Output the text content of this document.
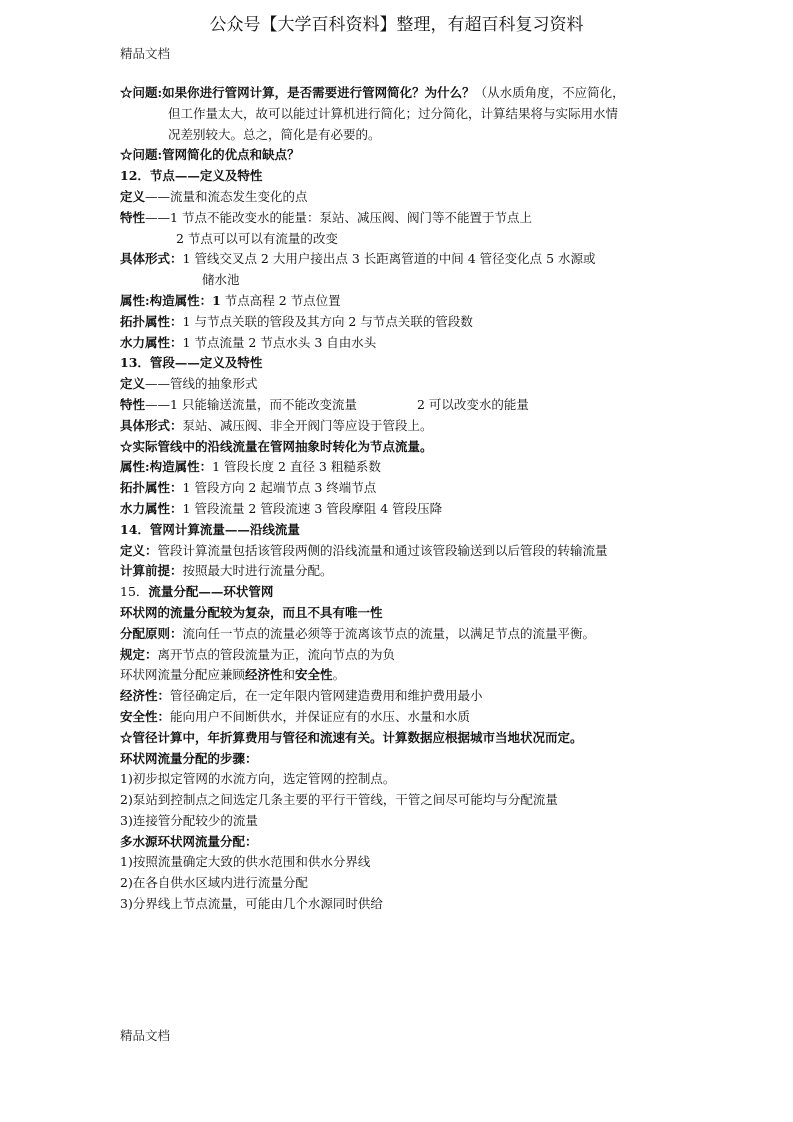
公众号【大学百科资料】整理，有超百科复习资料
精品文档
☆问题:如果你进行管网计算，是否需要进行管网简化？为什么？（从水质角度，不应简化，
但工作量太大，故可以能过计算机进行简化；过分简化，计算结果将与实际用水情
况差别较大。总之，简化是有必要的。
☆问题:管网简化的优点和缺点？
12．节点——定义及特性
定义——流量和流态发生变化的点
特性——1 节点不能改变水的能量：泵站、减压阀、阀门等不能置于节点上
2 节点可以可以有流量的改变
具体形式：1 管线交叉点 2 大用户接出点 3 长距离管道的中间 4 管径变化点 5 水源或
储水池
属性:构造属性：1 节点高程 2 节点位置
拓扑属性：1 与节点关联的管段及其方向 2 与节点关联的管段数
水力属性：1 节点流量 2 节点水头 3 自由水头
13．管段——定义及特性
定义——管线的抽象形式
特性——1 只能输送流量，而不能改变流量	2 可以改变水的能量
具体形式：泵站、减压阀、非全开阀门等应设于管段上。
☆实际管线中的沿线流量在管网抽象时转化为节点流量。
属性:构造属性：1 管段长度 2 直径 3 粗糙系数
拓扑属性：1 管段方向 2 起端节点 3 终端节点
水力属性：1 管段流量 2 管段流速 3 管段摩阻 4 管段压降
14．管网计算流量——沿线流量
定义：管段计算流量包括该管段两侧的沿线流量和通过该管段输送到以后管段的转输流量
计算前提：按照最大时进行流量分配。
15．流量分配——环状管网
环状网的流量分配较为复杂，而且不具有唯一性
分配原则：流向任一节点的流量必须等于流离该节点的流量，以满足节点的流量平衡。
规定：离开节点的管段流量为正，流向节点的为负
环状网流量分配应兼顾经济性和安全性。
经济性：管径确定后，在一定年限内管网建造费用和维护费用最小
安全性：能向用户不间断供水，并保证应有的水压、水量和水质
☆管径计算中，年折算费用与管径和流速有关。计算数据应根据城市当地状况而定。
环状网流量分配的步骤：
1)初步拟定管网的水流方向，选定管网的控制点。
2)泵站到控制点之间选定几条主要的平行干管线，干管之间尽可能均与分配流量
3)连接管分配较少的流量
多水源环状网流量分配：
1)按照流量确定大致的供水范围和供水分界线
2)在各自供水区域内进行流量分配
3)分界线上节点流量，可能由几个水源同时供给
精品文档
